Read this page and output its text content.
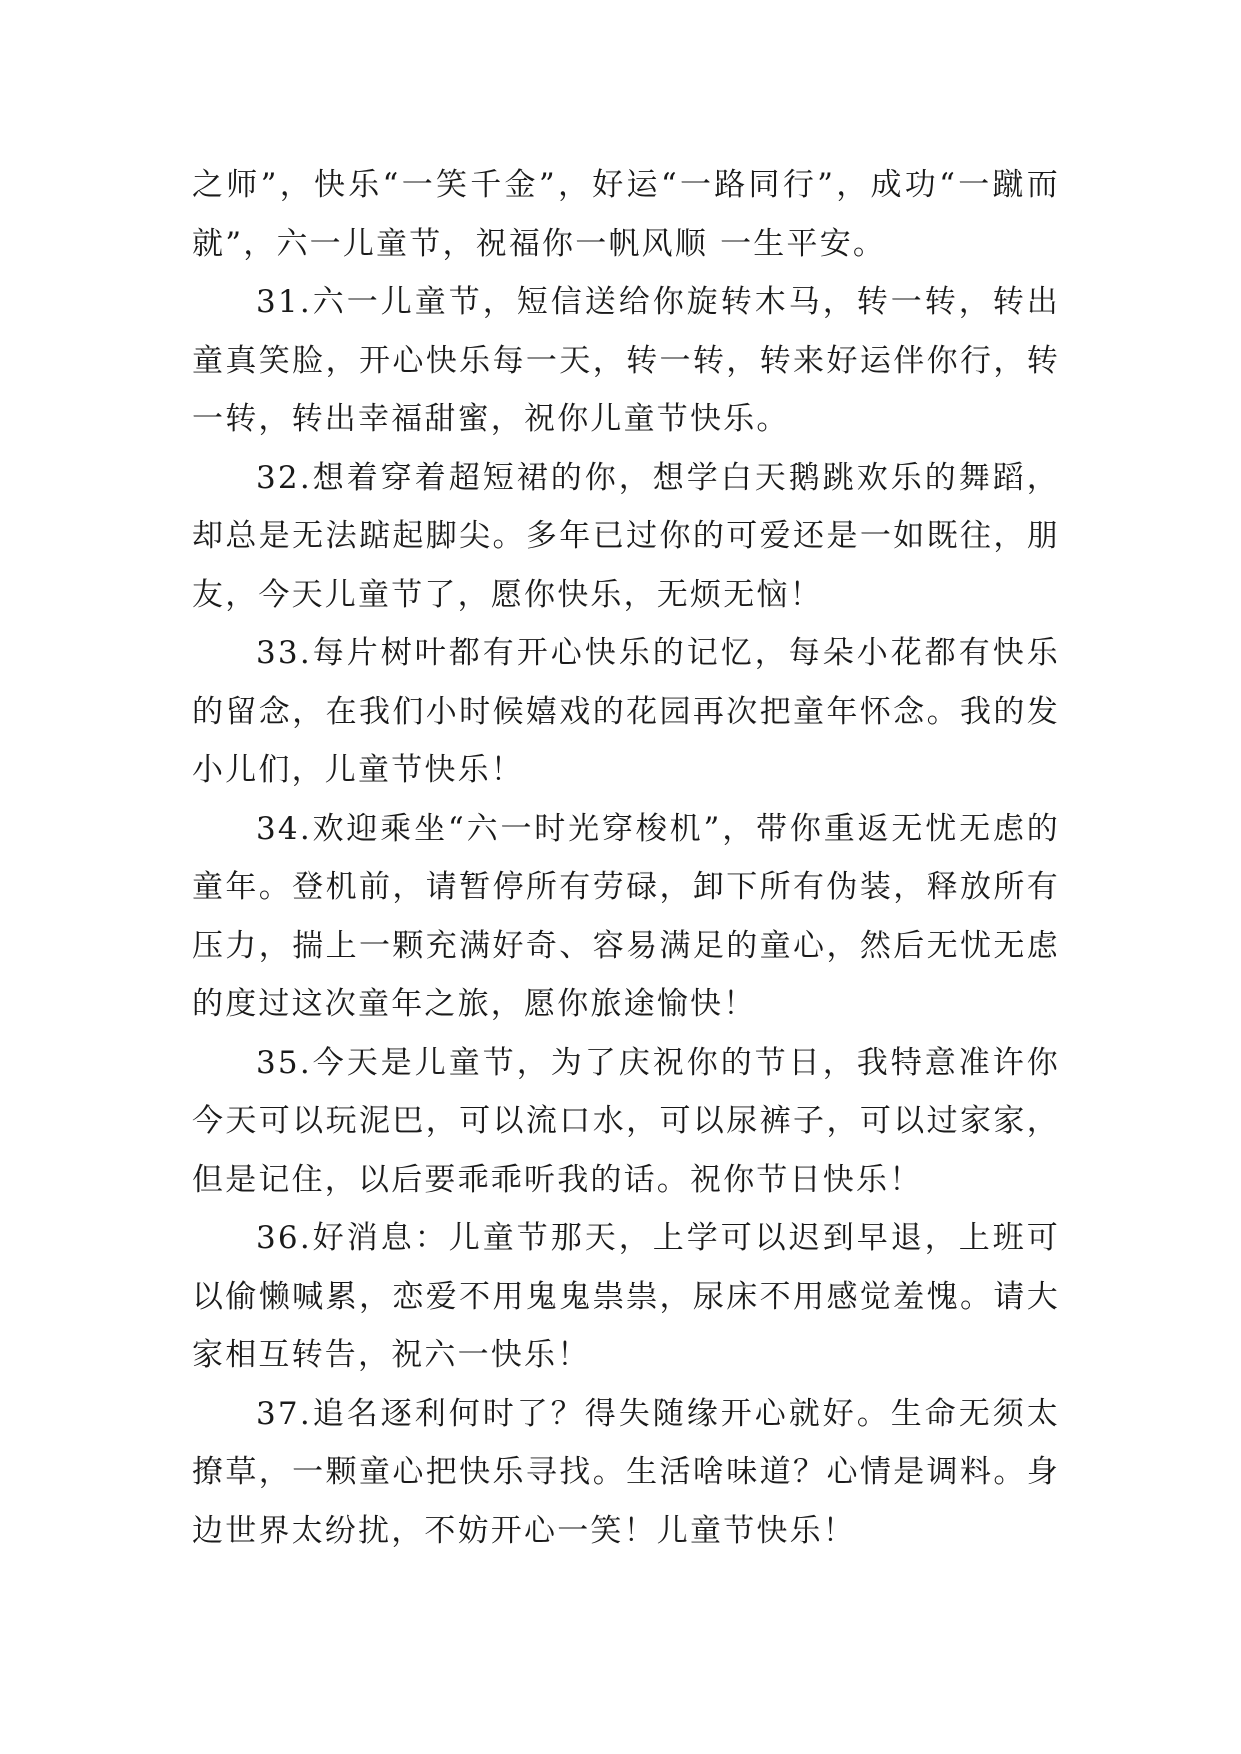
之师”，快乐“一笑千金”，好运“一路同行”，成功“一蹴而就”，六一儿童节，祝福你一帆风顺 一生平安。

31.六一儿童节，短信送给你旋转木马，转一转，转出童真笑脸，开心快乐每一天，转一转，转来好运伴你行，转一转，转出幸福甜蜜，祝你儿童节快乐。

32.想着穿着超短裙的你，想学白天鹅跳欢乐的舞蹈，却总是无法踮起脚尖。多年已过你的可爱还是一如既往，朋友，今天儿童节了，愿你快乐，无烦无恼！

33.每片树叶都有开心快乐的记忆，每朵小花都有快乐的留念，在我们小时候嬉戏的花园再次把童年怀念。我的发小儿们，儿童节快乐！

34.欢迎乘坐“六一时光穿梭机”，带你重返无忧无虑的童年。登机前，请暂停所有劳碌，卸下所有伪装，释放所有压力，揣上一颗充满好奇、容易满足的童心，然后无忧无虑的度过这次童年之旅，愿你旅途愉快！

35.今天是儿童节，为了庆祝你的节日，我特意准许你今天可以玩泥巴，可以流口水，可以尿裤子，可以过家家，但是记住，以后要乖乖听我的话。祝你节日快乐！

36.好消息：儿童节那天，上学可以迟到早退，上班可以偷懒喊累，恋爱不用鬼鬼祟祟，尿床不用感觉羞愧。请大家相互转告，祝六一快乐！

37.追名逐利何时了？得失随缘开心就好。生命无须太撩草，一颗童心把快乐寻找。生活啥味道？心情是调料。身边世界太纷扰，不妨开心一笑！儿童节快乐！
